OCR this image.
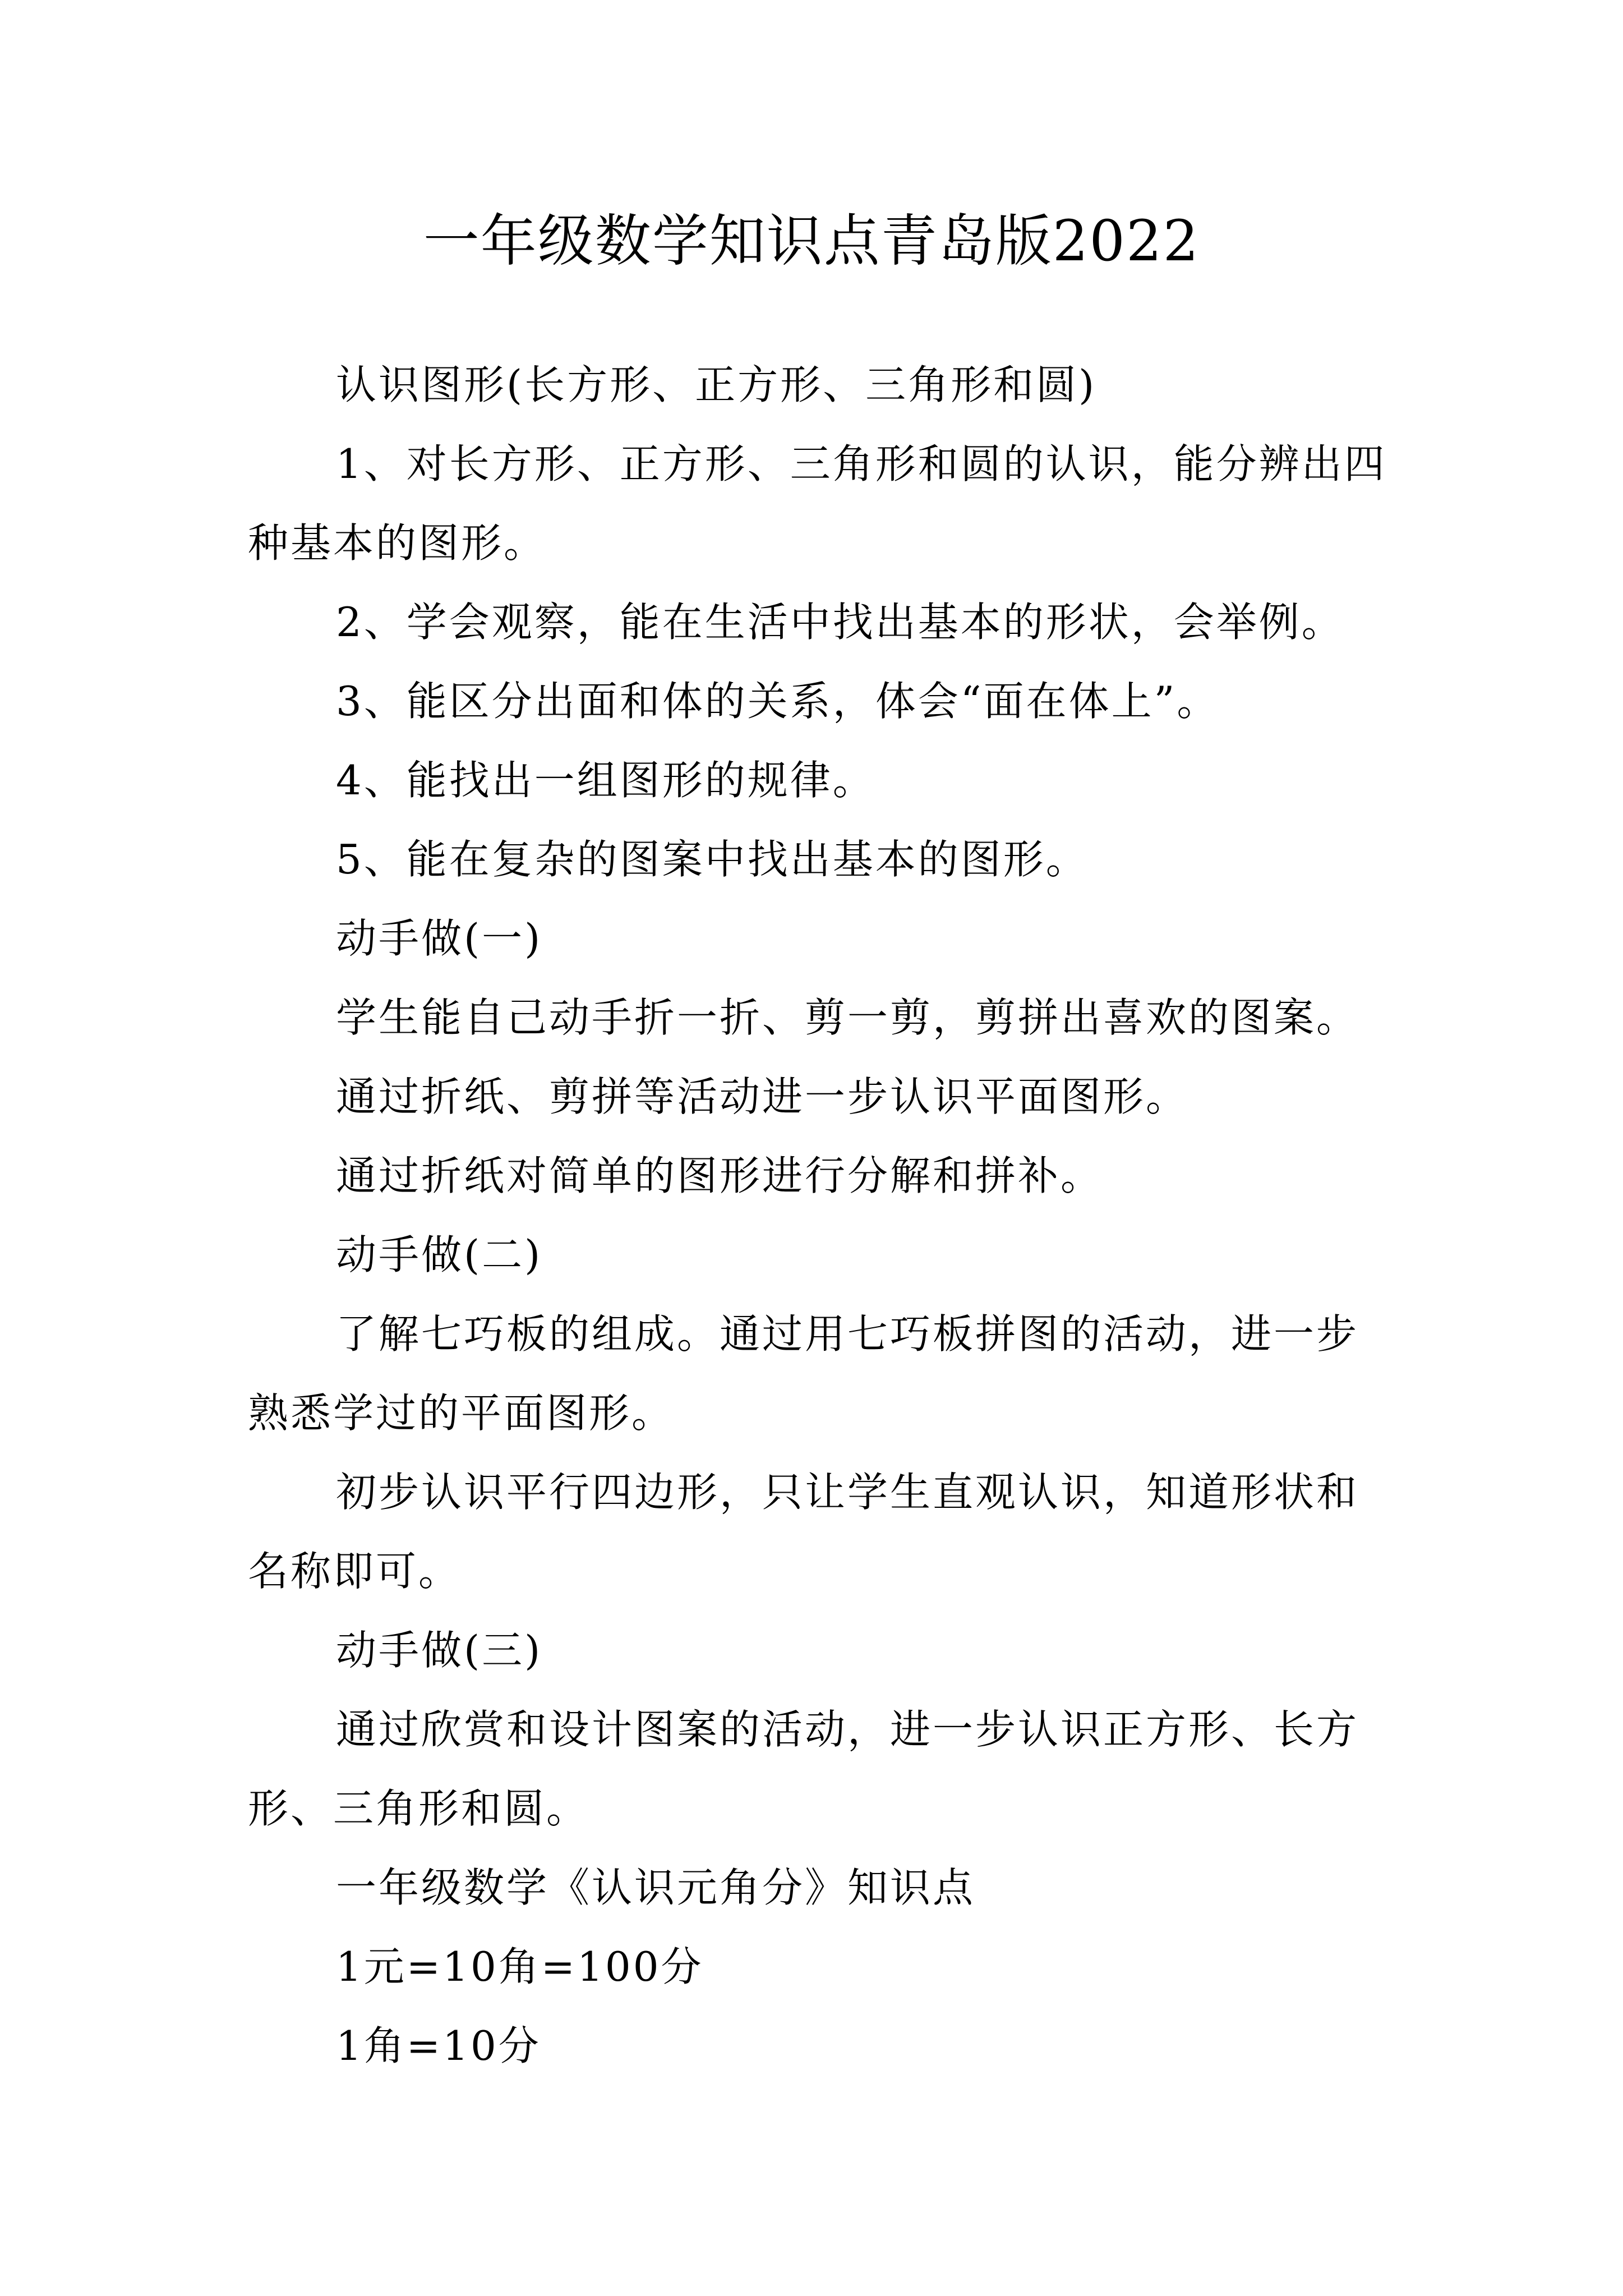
一年级数学知识点青岛版2022

认识图形(长方形、正方形、三角形和圆)

1、对长方形、正方形、三角形和圆的认识，能分辨出四种基本的图形。

2、学会观察，能在生活中找出基本的形状，会举例。

3、能区分出面和体的关系，体会“面在体上”。

4、能找出一组图形的规律。

5、能在复杂的图案中找出基本的图形。

动手做(一)

学生能自己动手折一折、剪一剪，剪拼出喜欢的图案。

通过折纸、剪拼等活动进一步认识平面图形。

通过折纸对简单的图形进行分解和拼补。

动手做(二)

了解七巧板的组成。通过用七巧板拼图的活动，进一步熟悉学过的平面图形。

初步认识平行四边形，只让学生直观认识，知道形状和名称即可。

动手做(三)

通过欣赏和设计图案的活动，进一步认识正方形、长方形、三角形和圆。

一年级数学《认识元角分》知识点

1元=10角=100分

1角=10分
